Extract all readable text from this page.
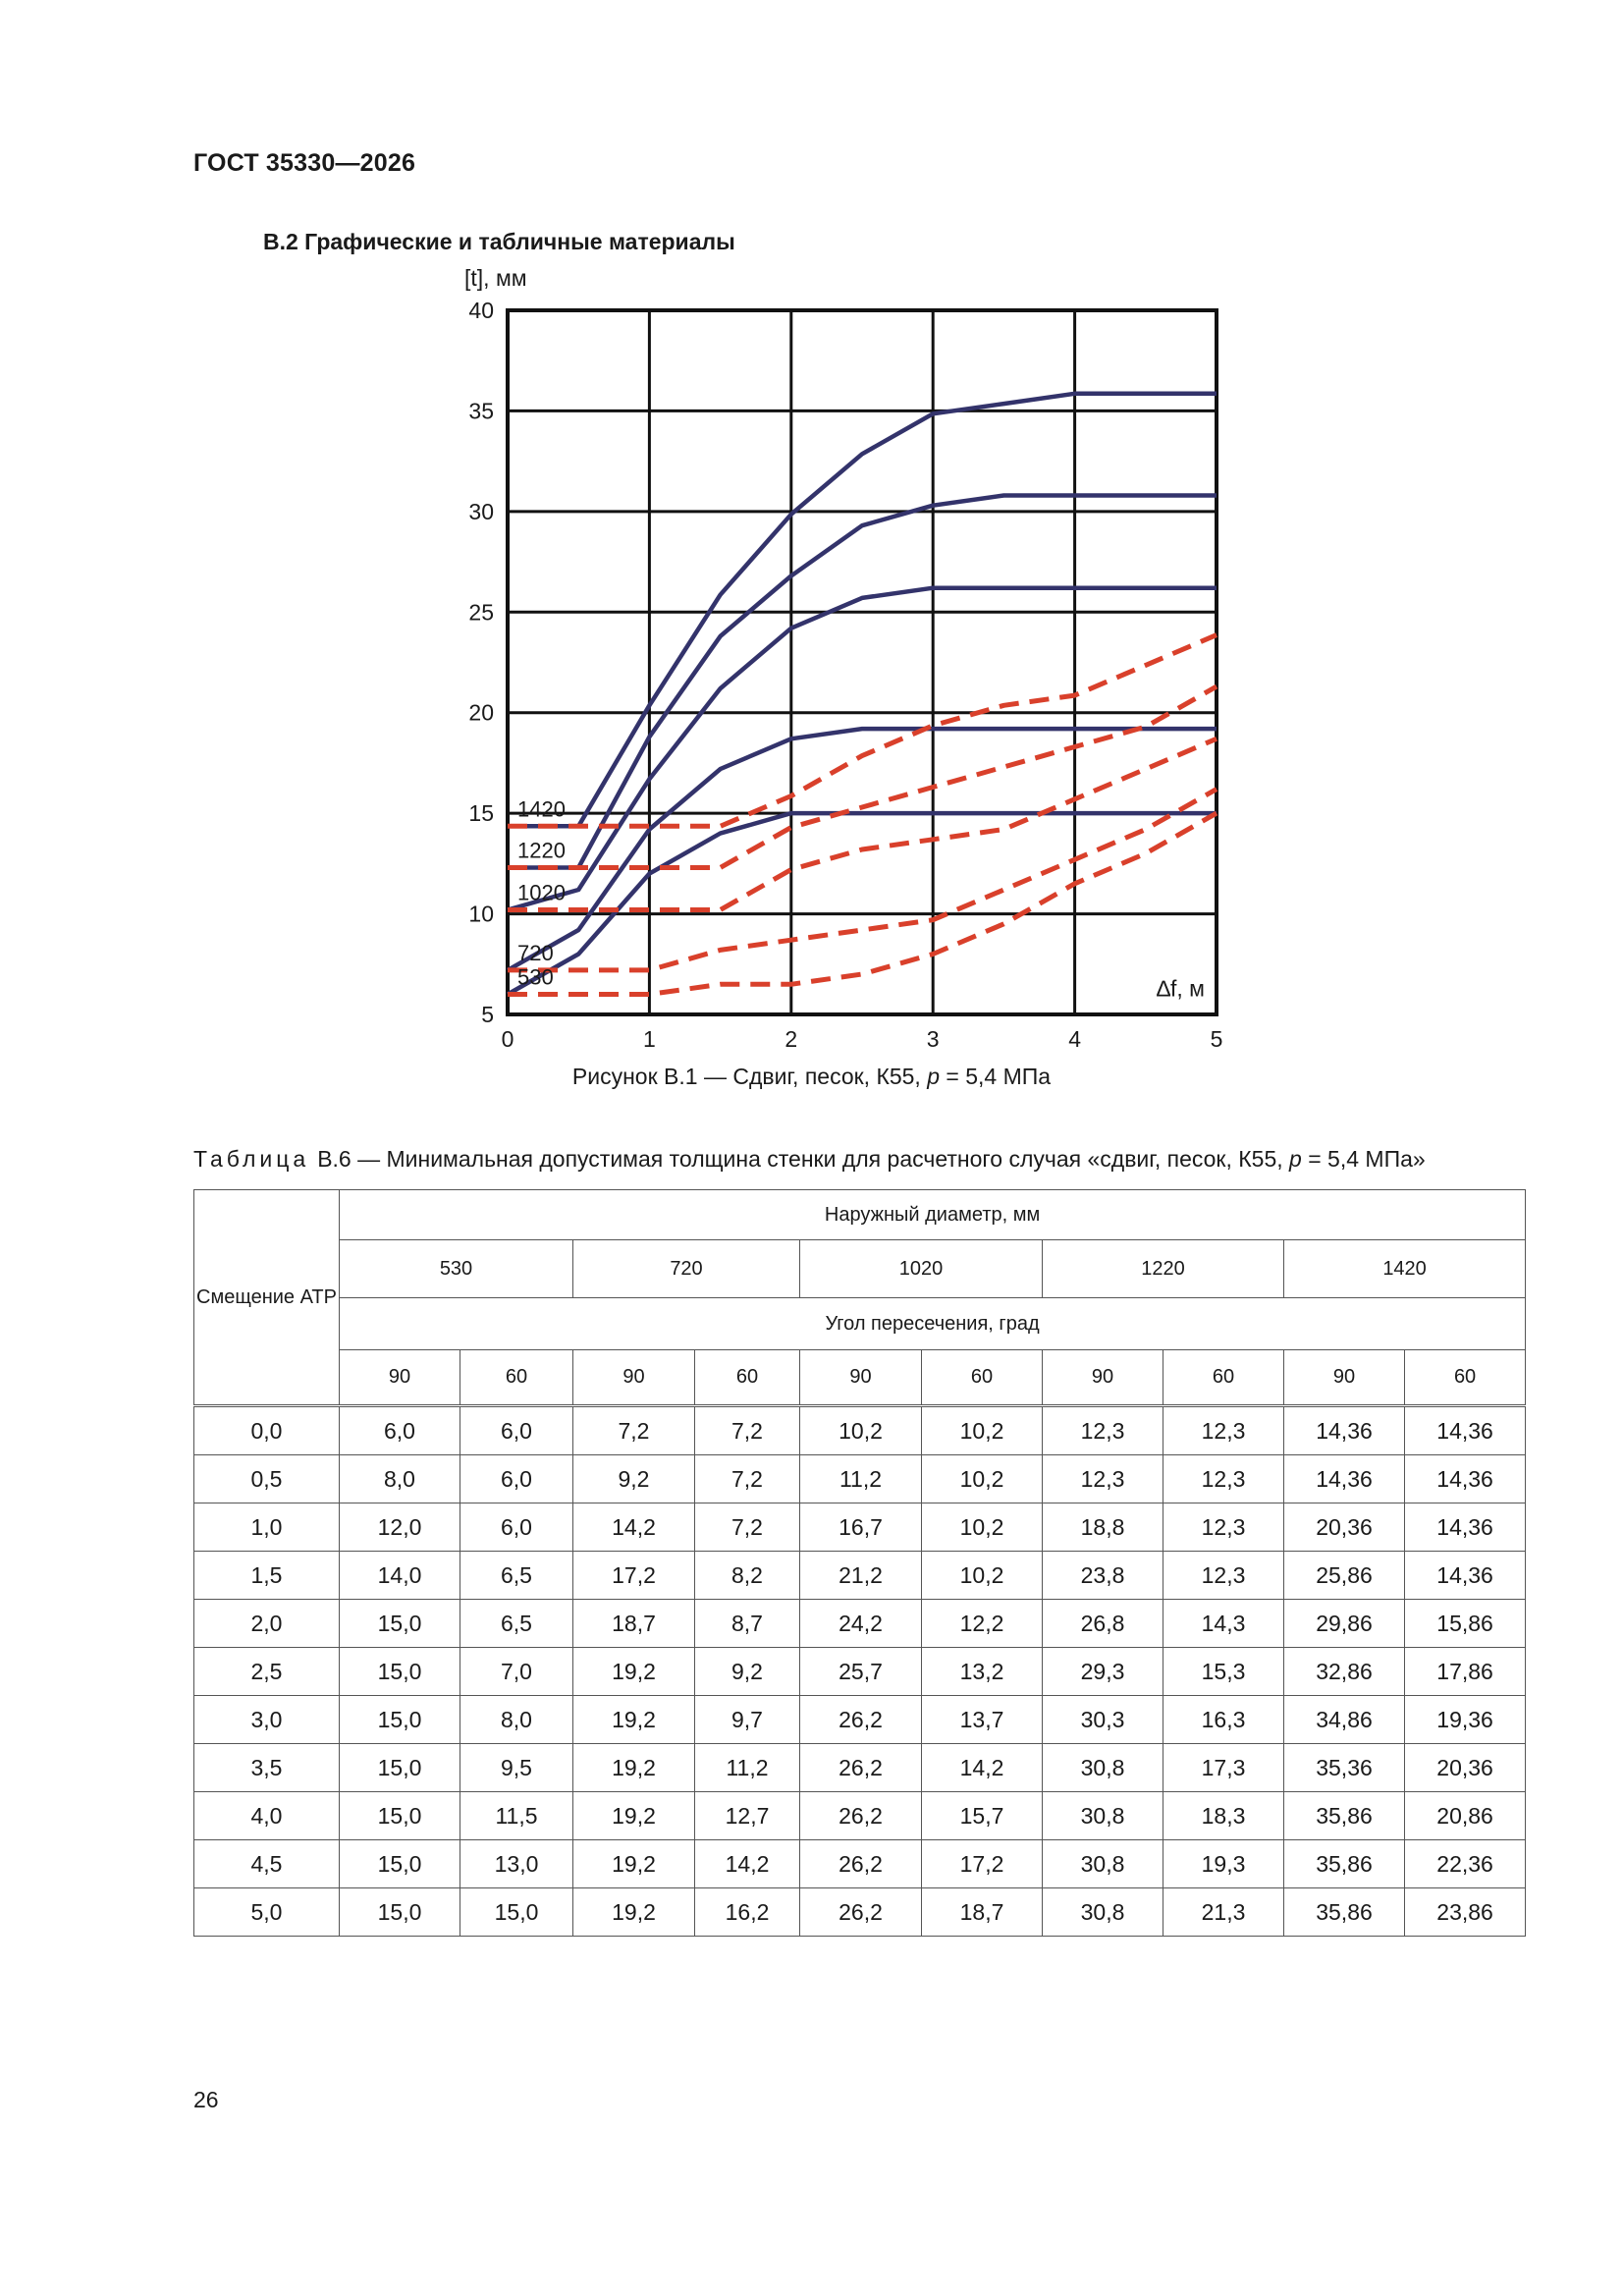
ГОСТ 35330—2026
В.2 Графические и табличные материалы
5
10
15
20
25
30
35
40
0	1	2	3	4	5
[t], мм
∆f, м
1420
1220
1020
720
530
Рисунок В.1 — Сдвиг, песок, К55, p = 5,4 МПа
Таблица В.6 — Минимальная допустимая толщина стенки для расчетного случая «сдвиг, песок, К55, p = 5,4 МПа»
Смещение АТР	Наружный диаметр, мм									
	530		720		1020		1220		1420	
	Угол пересечения, град									
	90	60	90	60	90	60	90	60	90	60
0,0	6,0	6,0	7,2	7,2	10,2	10,2	12,3	12,3	14,36	14,36
0,5	8,0	6,0	9,2	7,2	11,2	10,2	12,3	12,3	14,36	14,36
1,0	12,0	6,0	14,2	7,2	16,7	10,2	18,8	12,3	20,36	14,36
1,5	14,0	6,5	17,2	8,2	21,2	10,2	23,8	12,3	25,86	14,36
2,0	15,0	6,5	18,7	8,7	24,2	12,2	26,8	14,3	29,86	15,86
2,5	15,0	7,0	19,2	9,2	25,7	13,2	29,3	15,3	32,86	17,86
3,0	15,0	8,0	19,2	9,7	26,2	13,7	30,3	16,3	34,86	19,36
3,5	15,0	9,5	19,2	11,2	26,2	14,2	30,8	17,3	35,36	20,36
4,0	15,0	11,5	19,2	12,7	26,2	15,7	30,8	18,3	35,86	20,86
4,5	15,0	13,0	19,2	14,2	26,2	17,2	30,8	19,3	35,86	22,36
5,0	15,0	15,0	19,2	16,2	26,2	18,7	30,8	21,3	35,86	23,86
26
